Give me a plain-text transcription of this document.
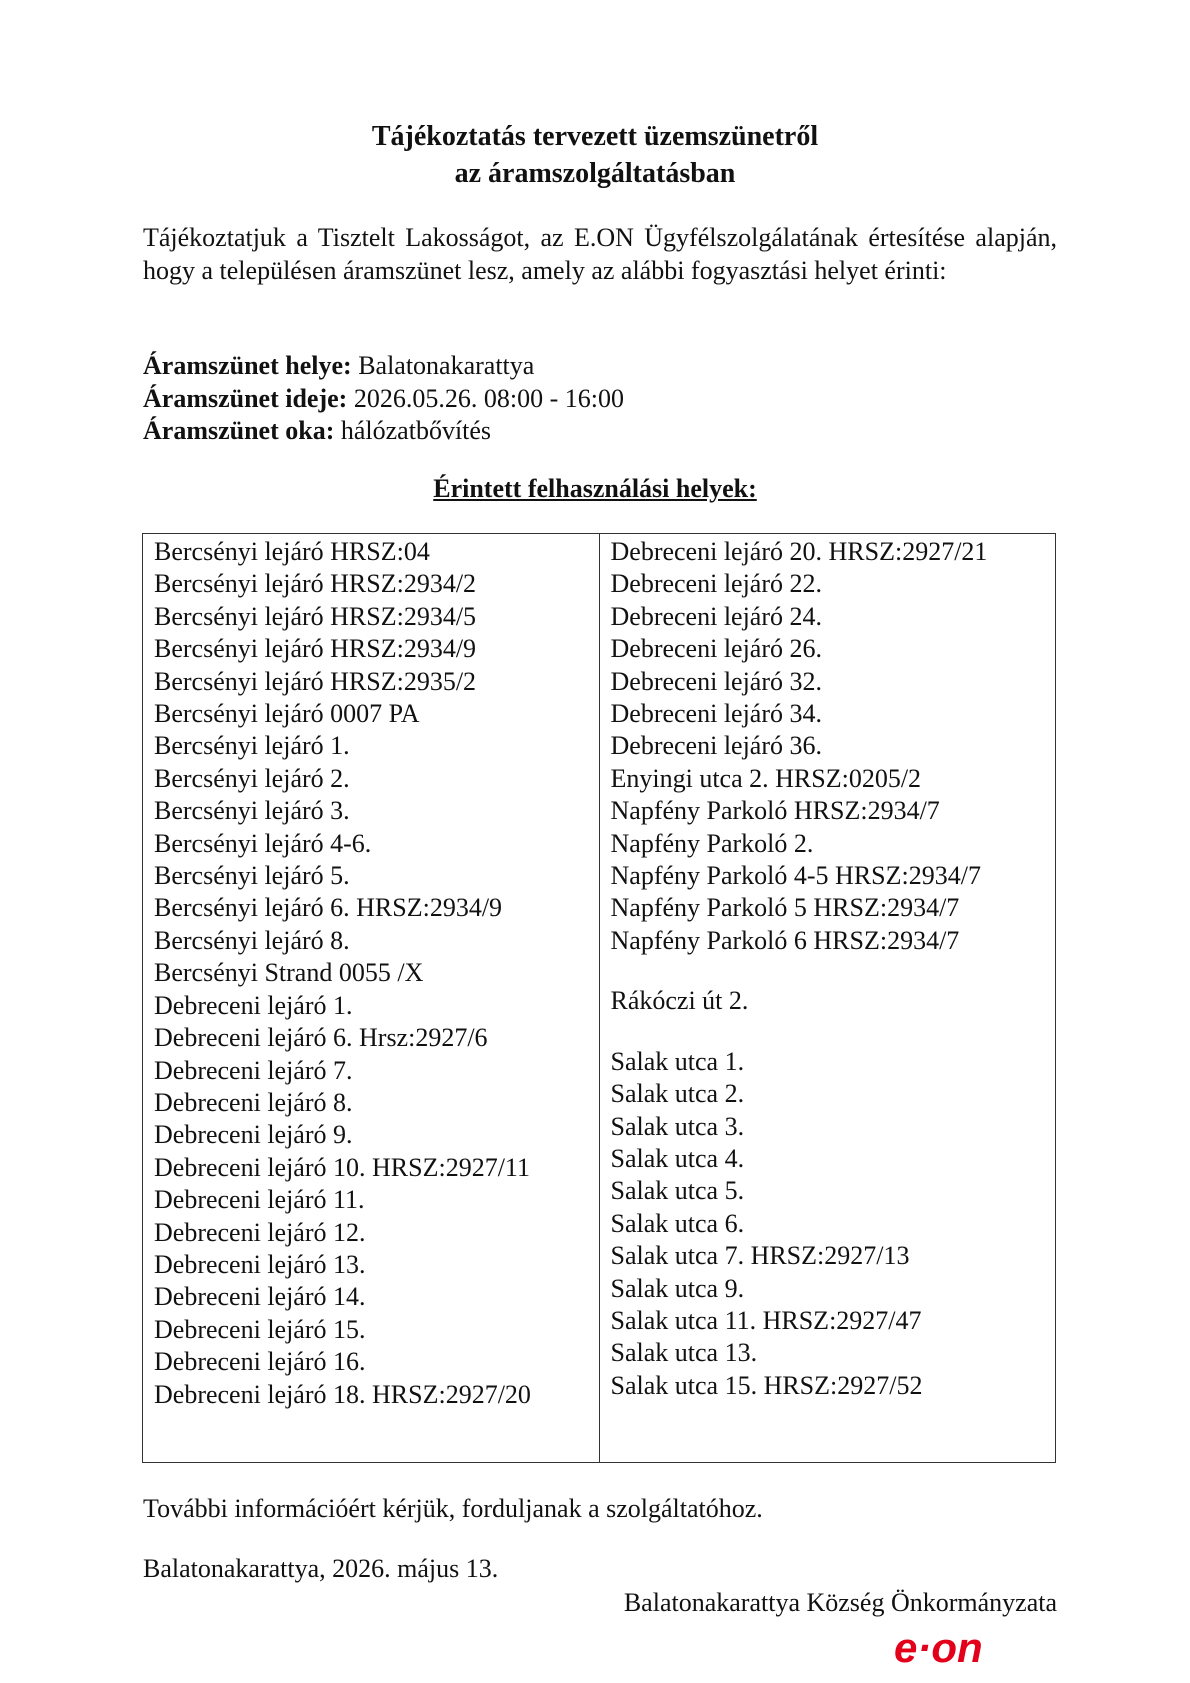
Tájékoztatás tervezett üzemszünetről
az áramszolgáltatásban
Tájékoztatjuk a Tisztelt Lakosságot, az E.ON Ügyfélszolgálatának értesítése alapján, hogy a településen áramszünet lesz, amely az alábbi fogyasztási helyet érinti:
Áramszünet helye: Balatonakarattya
Áramszünet ideje: 2026.05.26. 08:00 - 16:00
Áramszünet oka: hálózatbővítés
Érintett felhasználási helyek:
Bercsényi lejáró HRSZ:04
Bercsényi lejáró HRSZ:2934/2
Bercsényi lejáró HRSZ:2934/5
Bercsényi lejáró HRSZ:2934/9
Bercsényi lejáró HRSZ:2935/2
Bercsényi lejáró 0007 PA
Bercsényi lejáró 1.
Bercsényi lejáró 2.
Bercsényi lejáró 3.
Bercsényi lejáró 4-6.
Bercsényi lejáró 5.
Bercsényi lejáró 6. HRSZ:2934/9
Bercsényi lejáró 8.
Bercsényi Strand 0055 /X
Debreceni lejáró 1.
Debreceni lejáró 6. Hrsz:2927/6
Debreceni lejáró 7.
Debreceni lejáró 8.
Debreceni lejáró 9.
Debreceni lejáró 10. HRSZ:2927/11
Debreceni lejáró 11.
Debreceni lejáró 12.
Debreceni lejáró 13.
Debreceni lejáró 14.
Debreceni lejáró 15.
Debreceni lejáró 16.
Debreceni lejáró 18. HRSZ:2927/20
Debreceni lejáró 20. HRSZ:2927/21
Debreceni lejáró 22.
Debreceni lejáró 24.
Debreceni lejáró 26.
Debreceni lejáró 32.
Debreceni lejáró 34.
Debreceni lejáró 36.
Enyingi utca 2. HRSZ:0205/2
Napfény Parkoló HRSZ:2934/7
Napfény Parkoló 2.
Napfény Parkoló 4-5 HRSZ:2934/7
Napfény Parkoló 5 HRSZ:2934/7
Napfény Parkoló 6 HRSZ:2934/7
Rákóczi út 2.
Salak utca 1.
Salak utca 2.
Salak utca 3.
Salak utca 4.
Salak utca 5.
Salak utca 6.
Salak utca 7. HRSZ:2927/13
Salak utca 9.
Salak utca 11. HRSZ:2927/47
Salak utca 13.
Salak utca 15. HRSZ:2927/52
További információért kérjük, forduljanak a szolgáltatóhoz.
Balatonakarattya, 2026. május 13.
Balatonakarattya Község Önkormányzata
e·on
